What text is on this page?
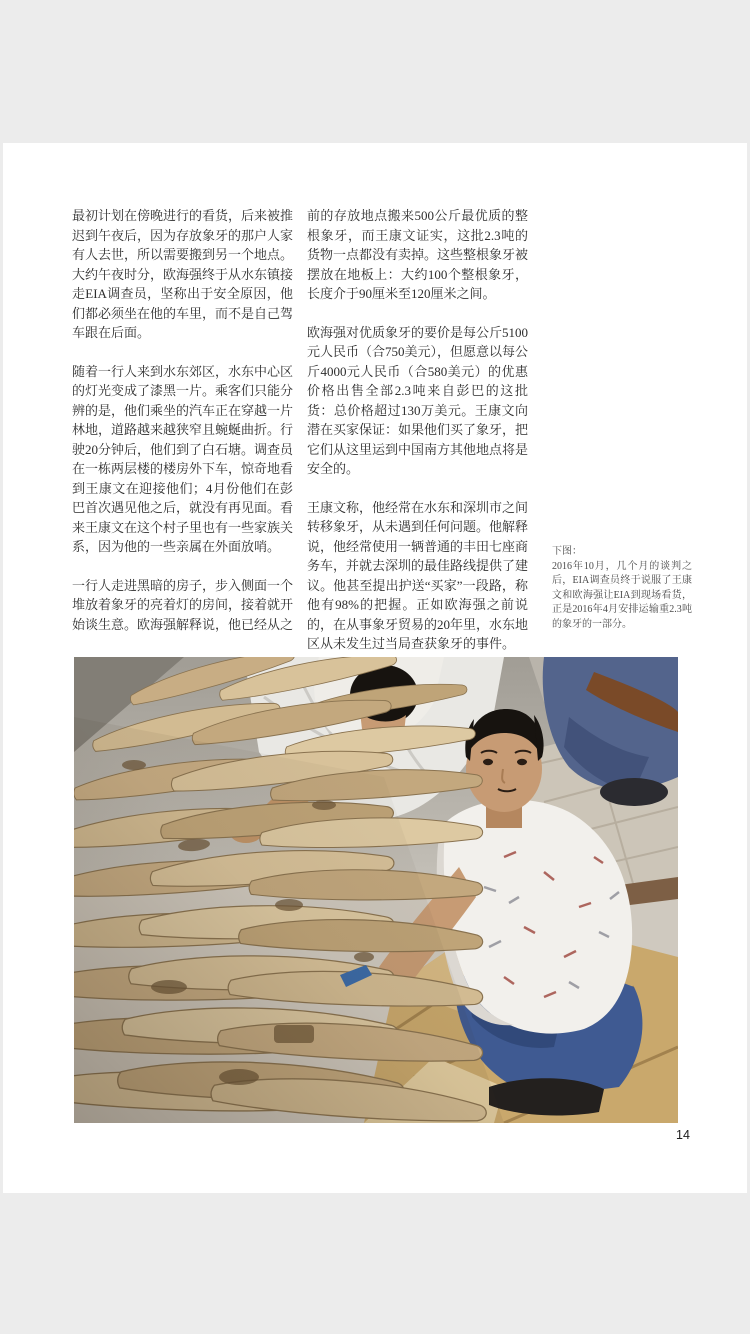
最初计划在傍晚进行的看货，后来被推迟到午夜后，因为存放象牙的那户人家有人去世，所以需要搬到另一个地点。大约午夜时分，欧海强终于从水东镇接走EIA调查员，坚称出于安全原因，他们都必须坐在他的车里，而不是自己驾车跟在后面。

随着一行人来到水东郊区，水东中心区的灯光变成了漆黑一片。乘客们只能分辨的是，他们乘坐的汽车正在穿越一片林地，道路越来越狭窄且蜿蜒曲折。行驶20分钟后，他们到了白石塘。调查员在一栋两层楼的楼房外下车，惊奇地看到王康文在迎接他们；4月份他们在彭巴首次遇见他之后，就没有再见面。看来王康文在这个村子里也有一些家族关系，因为他的一些亲属在外面放哨。

一行人走进黑暗的房子，步入侧面一个堆放着象牙的亮着灯的房间，接着就开始谈生意。欧海强解释说，他已经从之

前的存放地点搬来500公斤最优质的整根象牙，而王康文证实，这批2.3吨的货物一点都没有卖掉。这些整根象牙被摆放在地板上：大约100个整根象牙，长度介于90厘米至120厘米之间。

欧海强对优质象牙的要价是每公斤5100元人民币（合750美元），但愿意以每公斤4000元人民币（合580美元）的优惠价格出售全部2.3吨来自彭巴的这批货：总价格超过130万美元。王康文向潜在买家保证：如果他们买了象牙，把它们从这里运到中国南方其他地点将是安全的。

王康文称，他经常在水东和深圳市之间转移象牙，从未遇到任何问题。他解释说，他经常使用一辆普通的丰田七座商务车，并就去深圳的最佳路线提供了建议。他甚至提出护送“买家”一段路，称他有98%的把握。正如欧海强之前说的，在从事象牙贸易的20年里，水东地区从未发生过当局查获象牙的事件。

下图：
2016年10月，几个月的谈判之后，EIA调查员终于说服了王康文和欧海强让EIA到现场看货，正是2016年4月安排运输重2.3吨的象牙的一部分。
14
